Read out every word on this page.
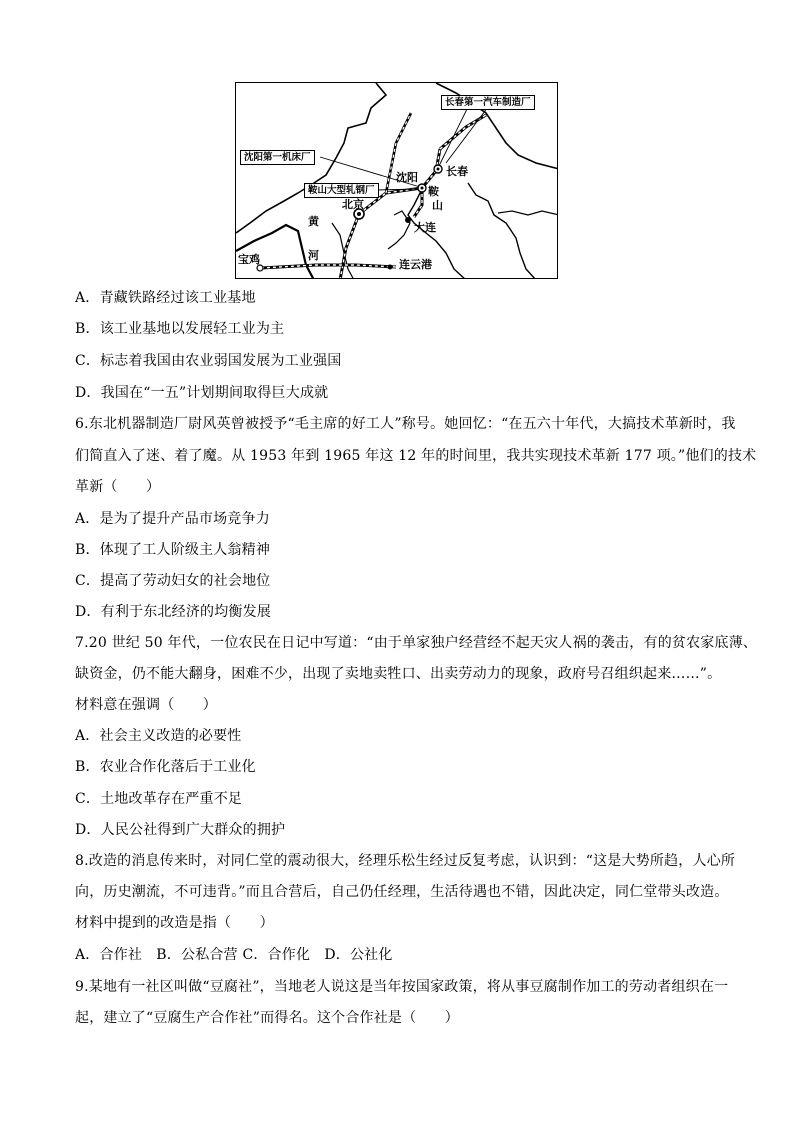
长春第一汽车制造厂
沈阳第一机床厂
鞍山大型轧钢厂
长春
沈阳
鞍
山
北京
大连
宝鸡	连云港
黄
河
A．青藏铁路经过该工业基地
B．该工业基地以发展轻工业为主
C．标志着我国由农业弱国发展为工业强国
D．我国在“一五”计划期间取得巨大成就
6.东北机器制造厂尉风英曾被授予“毛主席的好工人”称号。她回忆：“在五六十年代，大搞技术革新时，我
们简直入了迷、着了魔。从 1953 年到 1965 年这 12 年的时间里，我共实现技术革新 177 项。”他们的技术
革新（　　）
A．是为了提升产品市场竞争力
B．体现了工人阶级主人翁精神
C．提高了劳动妇女的社会地位
D．有利于东北经济的均衡发展
7.20 世纪 50 年代，一位农民在日记中写道：“由于单家独户经营经不起天灾人祸的袭击，有的贫农家底薄、
缺资金，仍不能大翻身，困难不少，出现了卖地卖牲口、出卖劳动力的现象，政府号召组织起来……”。
材料意在强调（　　）
A．社会主义改造的必要性
B．农业合作化落后于工业化
C．土地改革存在严重不足
D．人民公社得到广大群众的拥护
8.改造的消息传来时，对同仁堂的震动很大，经理乐松生经过反复考虑，认识到：“这是大势所趋，人心所
向，历史潮流，不可违背。”而且合营后，自己仍任经理，生活待遇也不错，因此决定，同仁堂带头改造。
材料中提到的改造是指（　　）
A．合作社　B．公私合营 C．合作化　D．公社化
9.某地有一社区叫做“豆腐社”，当地老人说这是当年按国家政策，将从事豆腐制作加工的劳动者组织在一
起，建立了“豆腐生产合作社”而得名。这个合作社是（　　）
